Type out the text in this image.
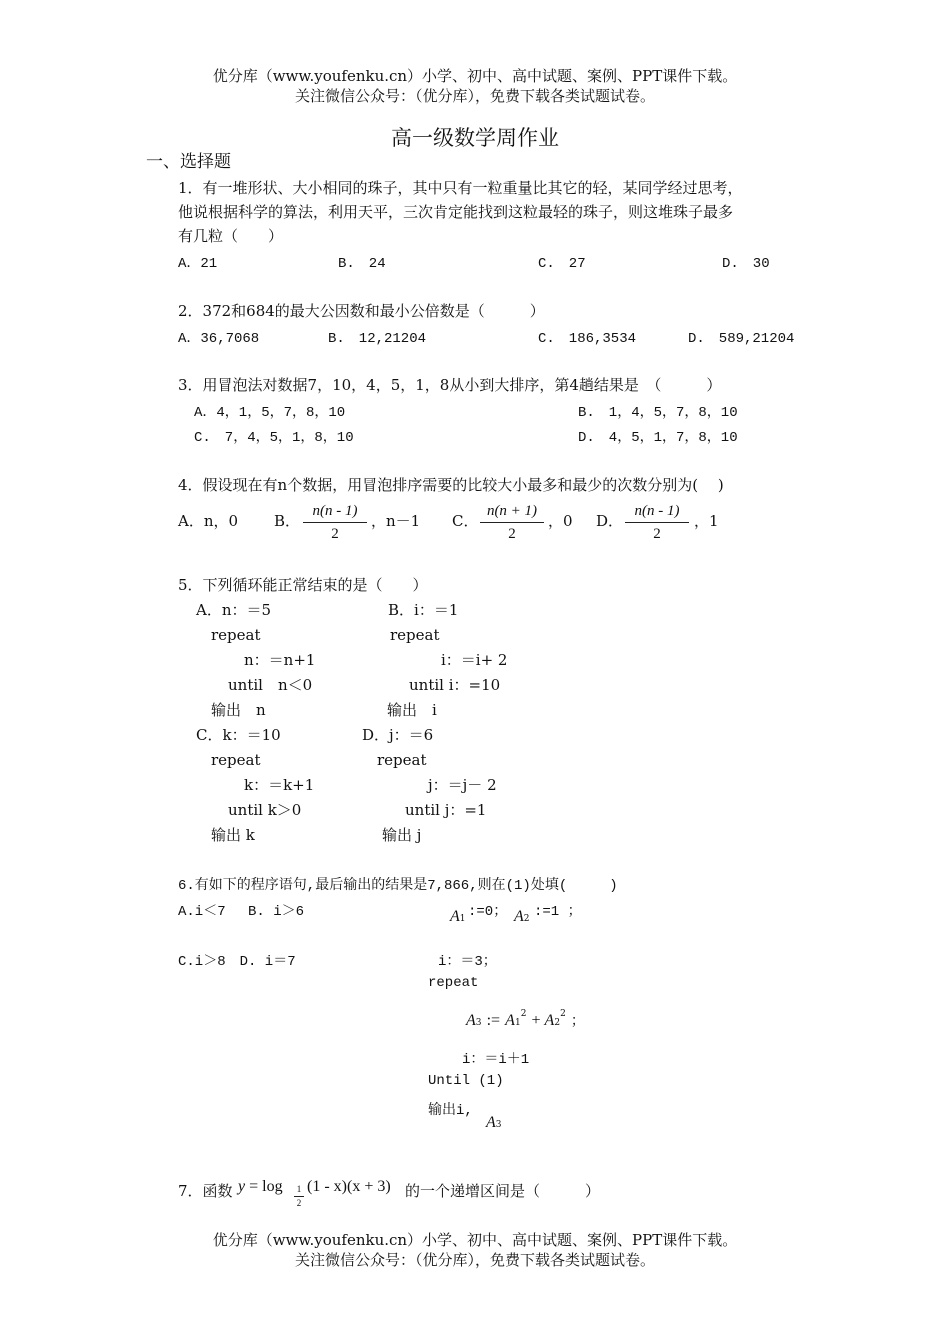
优分库（www.youfenku.cn）小学、初中、高中试题、案例、PPT课件下载。
关注微信公众号：（优分库），免费下载各类试题试卷。
高一级数学周作业
一、选择题
1．有一堆形状、大小相同的珠子，其中只有一粒重量比其它的轻，某同学经过思考，
他说根据科学的算法，利用天平，三次肯定能找到这粒最轻的珠子，则这堆珠子最多
有几粒（　　）
A．21	B.　24	C.　27	D.　30
2．372和684的最大公因数和最小公倍数是（　　　）
A．36,7068	B.　12,21204	C.　186,3534	D.　589,21204
3．用冒泡法对数据7，10，4，5，1，8从小到大排序，第4趟结果是　（　　　）
A．4，1，5，7，8，10	B.　1，4，5，7，8，10
C.　7，4，5，1，8，10	D.　4，5，1，7，8，10
4．假设现在有n个数据，用冒泡排序需要的比较大小最多和最少的次数分别为(　 )
A．n，0 B．
n(n - 1)
2
，n－1 C．
n(n + 1)
2
，0 D．
n(n - 1)
2
，1
5．下列循环能正常结束的是（　　）
A．n：＝5
repeat
n：＝n+1
until　n＜0
输出　n
B．i：＝1
repeat
i：＝i+ 2
until i：=10
输出　i
C．k：＝10
repeat
k：＝k+1
until k＞0
输出 k
D．j：＝6
repeat
j：＝j－ 2
until j：=1
输出 j
6.有如下的程序语句,最后输出的结果是7,866,则在(1)处填(　　　)
A.i＜7　 B. i＞6
C.i＞8　D. i＝7
A1 :=0； A2 :=1 ；
i：＝3；
repeat
A3 := $A1^2 + A2^2$ ；
i：＝i＋1
Until (1)
输出i,
A3
7．函数 y = log	1
2
(1 - x)(x + 3) 的一个递增区间是（　　　）
优分库（www.youfenku.cn）小学、初中、高中试题、案例、PPT课件下载。
关注微信公众号：（优分库），免费下载各类试题试卷。
